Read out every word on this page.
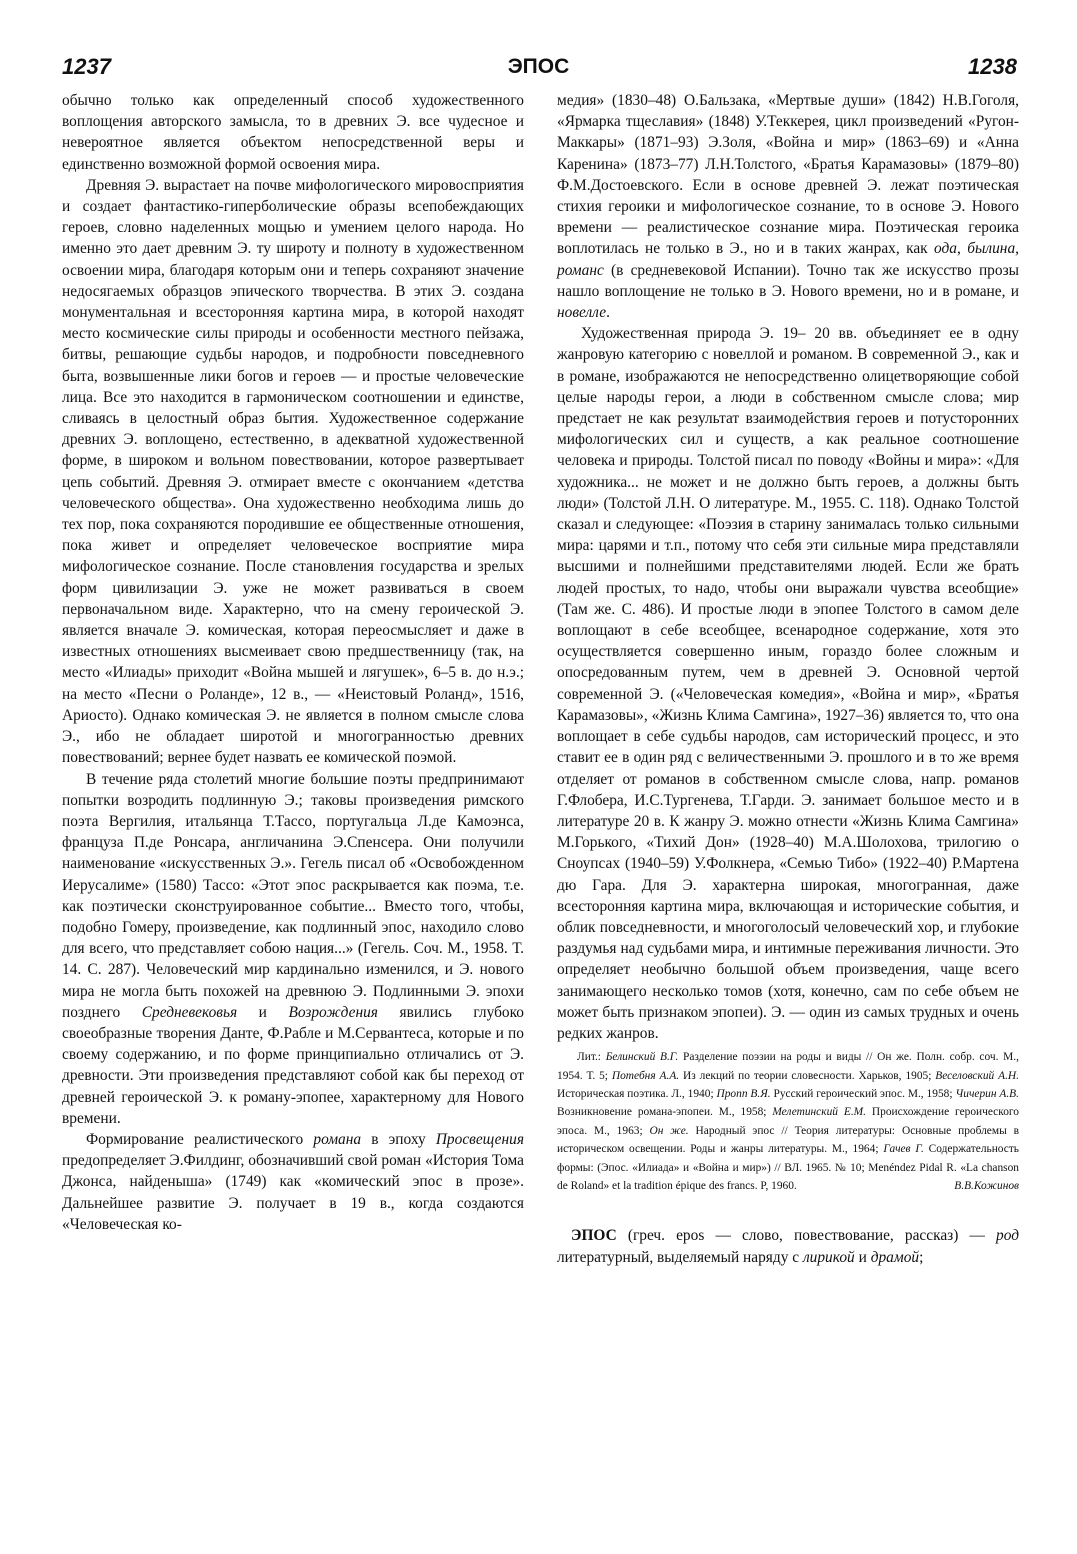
1237	ЭПОС	1238

обычно только как определенный способ художественного воплощения авторского замысла, то в древних Э. все чудесное и невероятное является объектом непосредственной веры и единственно возможной формой освоения мира.

Древняя Э. вырастает на почве мифологического мировосприятия и создает фантастико-гиперболические образы всепобеждающих героев, словно наделенных мощью и умением целого народа. Но именно это дает древним Э. ту широту и полноту в художественном освоении мира, благодаря которым они и теперь сохраняют значение недосягаемых образцов эпического творчества. В этих Э. создана монументальная и всесторонняя картина мира, в которой находят место космические силы природы и особенности местного пейзажа, битвы, решающие судьбы народов, и подробности повседневного быта, возвышенные лики богов и героев — и простые человеческие лица. Все это находится в гармоническом соотношении и единстве, сливаясь в целостный образ бытия. Художественное содержание древних Э. воплощено, естественно, в адекватной художественной форме, в широком и вольном повествовании, которое развертывает цепь событий. Древняя Э. отмирает вместе с окончанием «детства человеческого общества». Она художественно необходима лишь до тех пор, пока сохраняются породившие ее общественные отношения, пока живет и определяет человеческое восприятие мира мифологическое сознание. После становления государства и зрелых форм цивилизации Э. уже не может развиваться в своем первоначальном виде. Характерно, что на смену героической Э. является вначале Э. комическая, которая переосмысляет и даже в известных отношениях высмеивает свою предшественницу (так, на место «Илиады» приходит «Война мышей и лягушек», 6–5 в. до н.э.; на место «Песни о Роланде», 12 в., — «Неистовый Роланд», 1516, Ариосто). Однако комическая Э. не является в полном смысле слова Э., ибо не обладает широтой и многогранностью древних повествований; вернее будет назвать ее комической поэмой.

В течение ряда столетий многие большие поэты предпринимают попытки возродить подлинную Э.; таковы произведения римского поэта Вергилия, итальянца Т.Тассо, португальца Л.де Камоэнса, француза П.де Ронсара, англичанина Э.Спенсера. Они получили наименование «искусственных Э.». Гегель писал об «Освобожденном Иерусалиме» (1580) Тассо: «Этот эпос раскрывается как поэма, т.е. как поэтически сконструированное событие... Вместо того, чтобы, подобно Гомеру, произведение, как подлинный эпос, находило слово для всего, что представляет собою нация...» (Гегель. Соч. М., 1958. Т. 14. С. 287). Человеческий мир кардинально изменился, и Э. нового мира не могла быть похожей на древнюю Э. Подлинными Э. эпохи позднего Средневековья и Возрождения явились глубоко своеобразные творения Данте, Ф.Рабле и М.Сервантеса, которые и по своему содержанию, и по форме принципиально отличались от Э. древности. Эти произведения представляют собой как бы переход от древней героической Э. к роману-эпопее, характерному для Нового времени.

Формирование реалистического романа в эпоху Просвещения предопределяет Э.Филдинг, обозначивший свой роман «История Тома Джонса, найденыша» (1749) как «комический эпос в прозе». Дальнейшее развитие Э. получает в 19 в., когда создаются «Человеческая ко-

медия» (1830–48) О.Бальзака, «Мертвые души» (1842) Н.В.Гоголя, «Ярмарка тщеславия» (1848) У.Теккерея, цикл произведений «Ругон-Маккары» (1871–93) Э.Золя, «Война и мир» (1863–69) и «Анна Каренина» (1873–77) Л.Н.Толстого, «Братья Карамазовы» (1879–80) Ф.М.Достоевского. Если в основе древней Э. лежат поэтическая стихия героики и мифологическое сознание, то в основе Э. Нового времени — реалистическое сознание мира. Поэтическая героика воплотилась не только в Э., но и в таких жанрах, как ода, былина, романс (в средневековой Испании). Точно так же искусство прозы нашло воплощение не только в Э. Нового времени, но и в романе, и новелле.

Художественная природа Э. 19– 20 вв. объединяет ее в одну жанровую категорию с новеллой и романом. В современной Э., как и в романе, изображаются не непосредственно олицетворяющие собой целые народы герои, а люди в собственном смысле слова; мир предстает не как результат взаимодействия героев и потусторонних мифологических сил и существ, а как реальное соотношение человека и природы. Толстой писал по поводу «Войны и мира»: «Для художника... не может и не должно быть героев, а должны быть люди» (Толстой Л.Н. О литературе. М., 1955. С. 118). Однако Толстой сказал и следующее: «Поэзия в старину занималась только сильными мира: царями и т.п., потому что себя эти сильные мира представляли высшими и полнейшими представителями людей. Если же брать людей простых, то надо, чтобы они выражали чувства всеобщие» (Там же. С. 486). И простые люди в эпопее Толстого в самом деле воплощают в себе всеобщее, всенародное содержание, хотя это осуществляется совершенно иным, гораздо более сложным и опосредованным путем, чем в древней Э. Основной чертой современной Э. («Человеческая комедия», «Война и мир», «Братья Карамазовы», «Жизнь Клима Самгина», 1927–36) является то, что она воплощает в себе судьбы народов, сам исторический процесс, и это ставит ее в один ряд с величественными Э. прошлого и в то же время отделяет от романов в собственном смысле слова, напр. романов Г.Флобера, И.С.Тургенева, Т.Гарди. Э. занимает большое место и в литературе 20 в. К жанру Э. можно отнести «Жизнь Клима Самгина» М.Горького, «Тихий Дон» (1928–40) М.А.Шолохова, трилогию о Сноупсах (1940–59) У.Фолкнера, «Семью Тибо» (1922–40) Р.Мартена дю Гара. Для Э. характерна широкая, многогранная, даже всесторонняя картина мира, включающая и исторические события, и облик повседневности, и многоголосый человеческий хор, и глубокие раздумья над судьбами мира, и интимные переживания личности. Это определяет необычно большой объем произведения, чаще всего занимающего несколько томов (хотя, конечно, сам по себе объем не может быть признаком эпопеи). Э. — один из самых трудных и очень редких жанров.

Лит.: Белинский В.Г. Разделение поэзии на роды и виды // Он же. Полн. собр. соч. М., 1954. Т. 5; Потебня А.А. Из лекций по теории словесности. Харьков, 1905; Веселовский А.Н. Историческая поэтика. Л., 1940; Пропп В.Я. Русский героический эпос. М., 1958; Чичерин А.В. Возникновение романа-эпопеи. М., 1958; Мелетинский Е.М. Происхождение героического эпоса. М., 1963; Он же. Народный эпос // Теория литературы: Основные проблемы в историческом освещении. Роды и жанры литературы. М., 1964; Гачев Г. Содержательность формы: (Эпос. «Илиада» и «Война и мир») // ВЛ. 1965. № 10; Menéndez Pidal R. «La chanson de Roland» et la tradition épique des francs. P, 1960.	В.В.Кожинов

ЭПОС (греч. epos — слово, повествование, рассказ) — род литературный, выделяемый наряду с лирикой и драмой;
